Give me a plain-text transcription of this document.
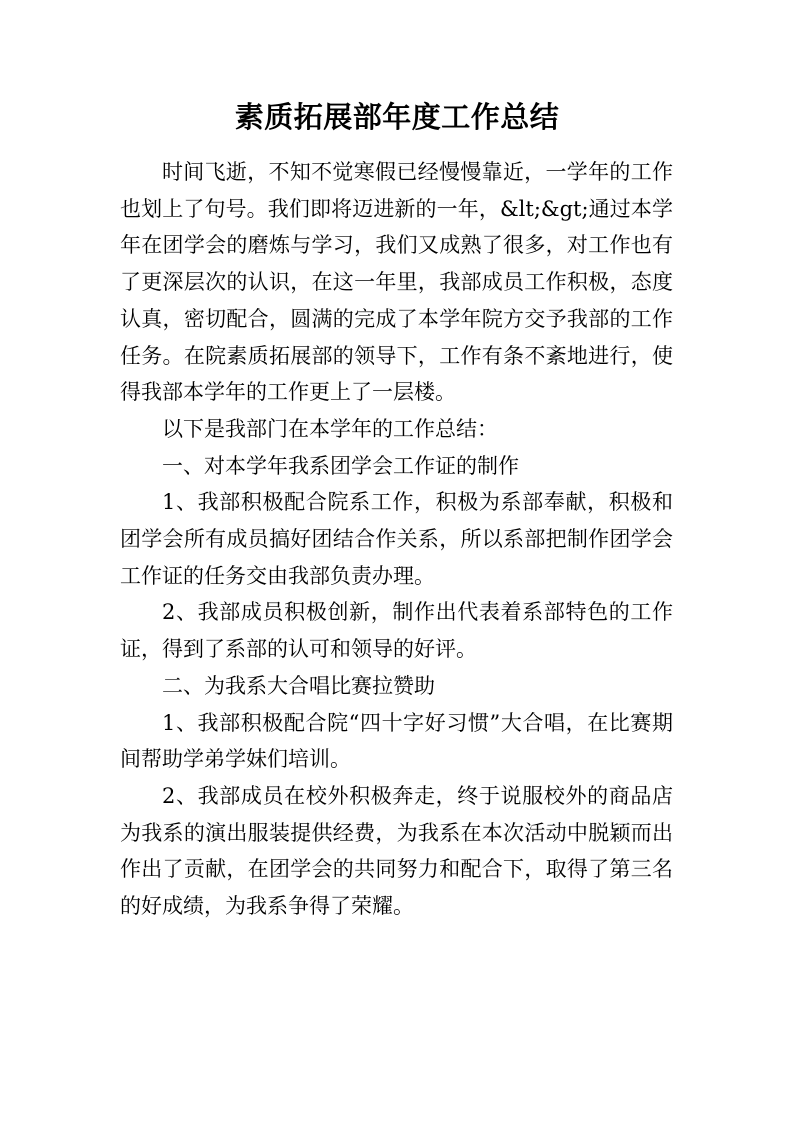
素质拓展部年度工作总结

时间飞逝，不知不觉寒假已经慢慢靠近，一学年的工作也划上了句号。我们即将迈进新的一年，&lt;&gt;通过本学年在团学会的磨炼与学习，我们又成熟了很多，对工作也有了更深层次的认识，在这一年里，我部成员工作积极，态度认真，密切配合，圆满的完成了本学年院方交予我部的工作任务。在院素质拓展部的领导下，工作有条不紊地进行，使得我部本学年的工作更上了一层楼。

以下是我部门在本学年的工作总结：

一、对本学年我系团学会工作证的制作

1、我部积极配合院系工作，积极为系部奉献，积极和团学会所有成员搞好团结合作关系，所以系部把制作团学会工作证的任务交由我部负责办理。

2、我部成员积极创新，制作出代表着系部特色的工作证，得到了系部的认可和领导的好评。

二、为我系大合唱比赛拉赞助

1、我部积极配合院“四十字好习惯”大合唱，在比赛期间帮助学弟学妹们培训。

2、我部成员在校外积极奔走，终于说服校外的商品店为我系的演出服装提供经费，为我系在本次活动中脱颖而出作出了贡献，在团学会的共同努力和配合下，取得了第三名的好成绩，为我系争得了荣耀。
